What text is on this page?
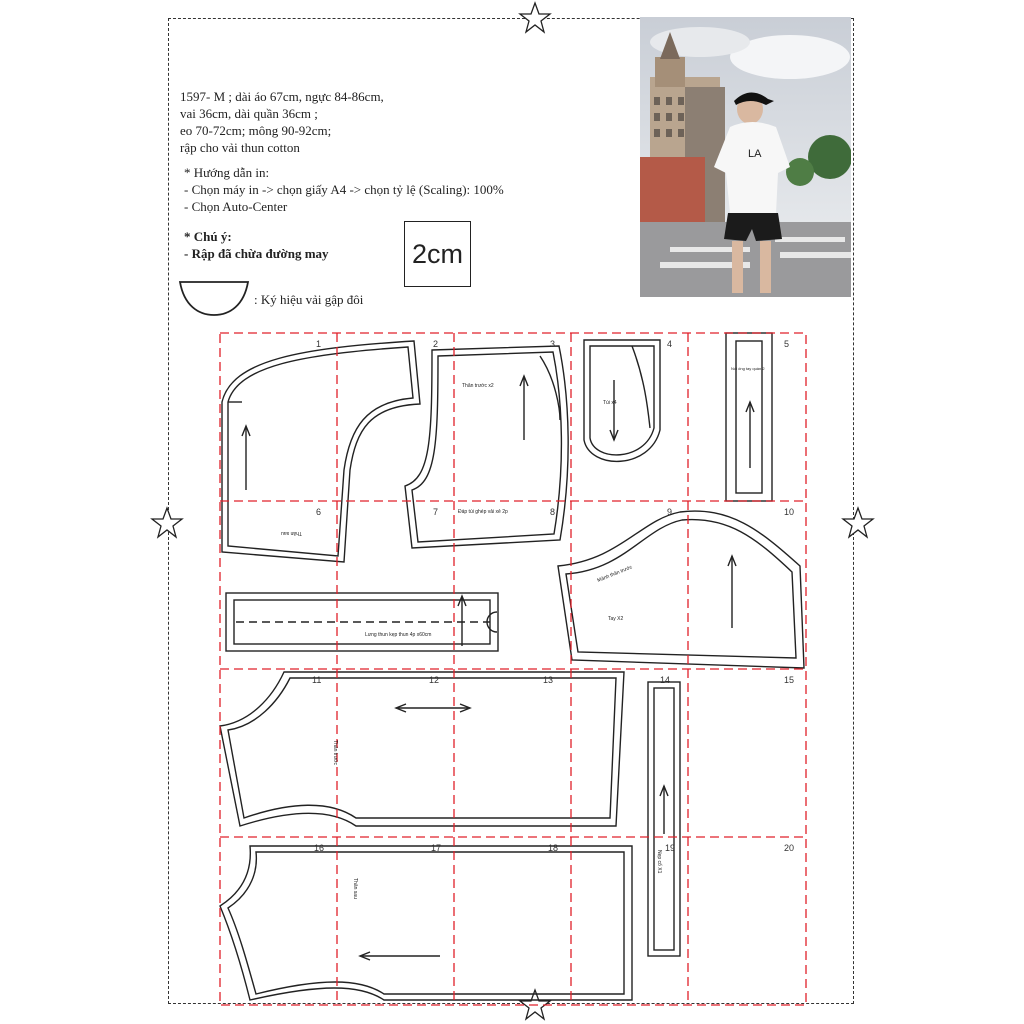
1597- M ; dài áo 67cm, ngực 84-86cm,
vai 36cm, dài quần 36cm ;
eo 70-72cm; mông 90-92cm;
rập cho vải thun cotton
* Hướng dẫn in:
- Chọn máy in -> chọn giấy A4 -> chọn tỷ lệ (Scaling): 100%
- Chọn Auto-Center
* Chú ý:
- Rập đã chừa đường may	2cm
: Ký hiệu vải gập đôi
LA
1	2	3	4	5
6	7	8	9	10
11	12	13	14	15
16	17	18	19	20
Thân trước x2
Túi x4
Nối ống tay quần 2
Đáp túi ghép vải xẻ 2p
Lưng thun kẹp thun 4p x60cm
Mảnh thân trước
Tay X2
Thân sau
Thân trước
Nẹp cổ X1
Thân sau
